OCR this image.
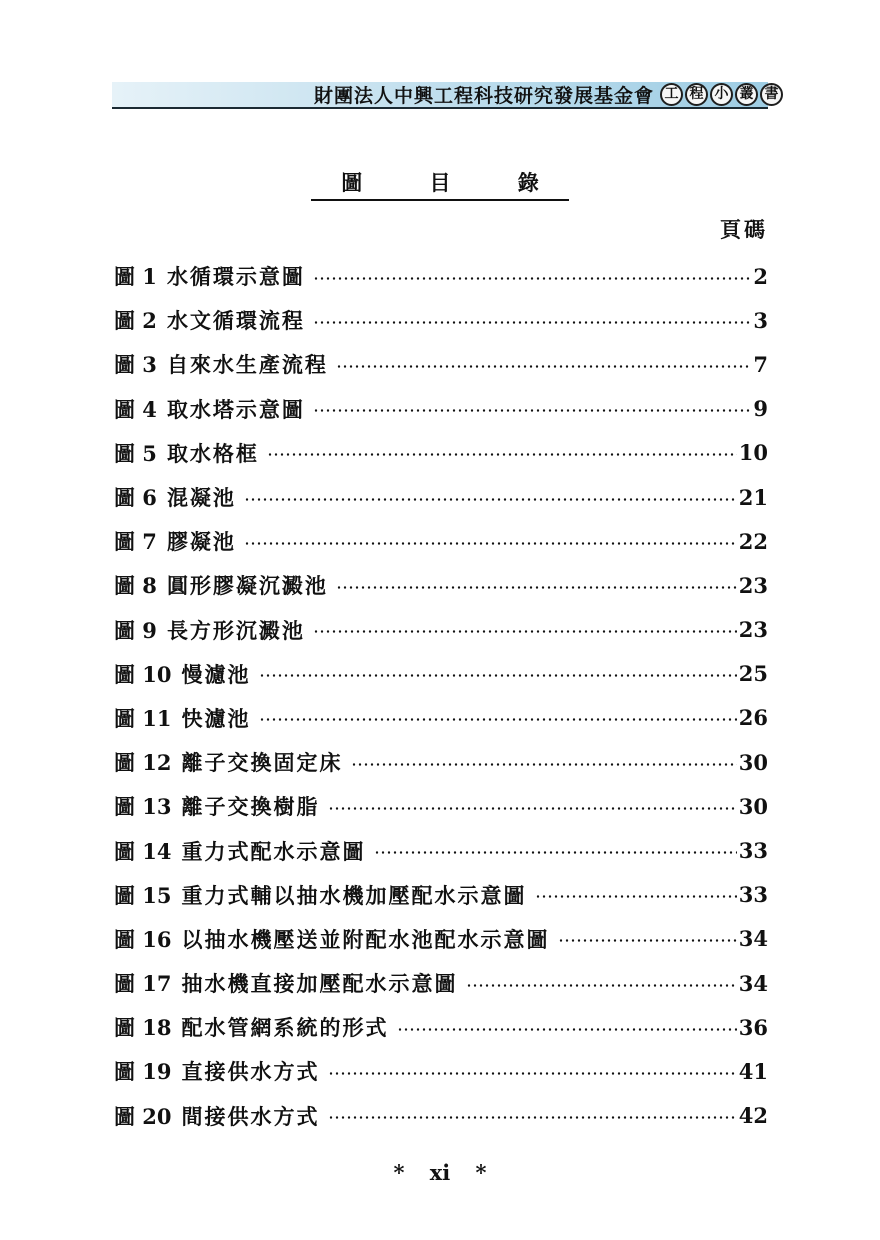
財團法人中興工程科技研究發展基金會 工 程 小 叢 書
圖 目 錄
頁碼
圖 1 水循環示意圖	2
圖 2 水文循環流程	3
圖 3 自來水生產流程	7
圖 4 取水塔示意圖	9
圖 5 取水格框	10
圖 6 混凝池	21
圖 7 膠凝池	22
圖 8 圓形膠凝沉澱池	23
圖 9 長方形沉澱池	23
圖 10 慢濾池	25
圖 11 快濾池	26
圖 12 離子交換固定床	30
圖 13 離子交換樹脂	30
圖 14 重力式配水示意圖	33
圖 15 重力式輔以抽水機加壓配水示意圖	33
圖 16 以抽水機壓送並附配水池配水示意圖	34
圖 17 抽水機直接加壓配水示意圖	34
圖 18 配水管網系統的形式	36
圖 19 直接供水方式	41
圖 20 間接供水方式	42
* xi *
